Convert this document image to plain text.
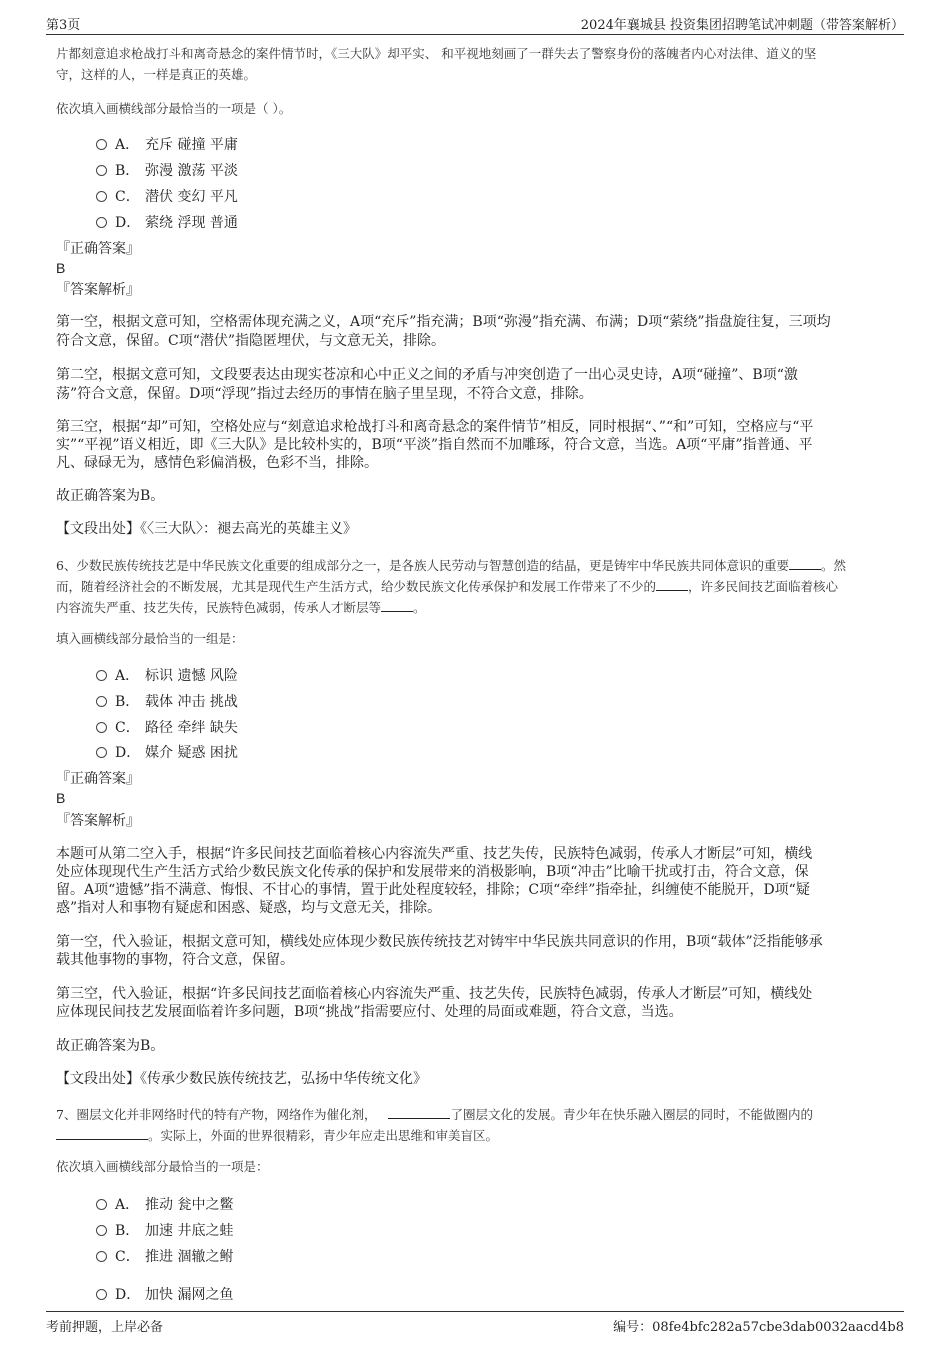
第3页	2024年襄城县 投资集团招聘笔试冲刺题（带答案解析）
片都刻意追求枪战打斗和离奇悬念的案件情节时，《三大队》却平实、 和平视地刻画了一群失去了警察身份的落魄者内心对法律、道义的坚
守，这样的人，一样是真正的英雄。
依次填入画横线部分最恰当的一项是（ ）。
A． 充斥 碰撞 平庸
B． 弥漫 激荡 平淡
C． 潜伏 变幻 平凡
D． 萦绕 浮现 普通
『正确答案』
B
『答案解析』
第一空，根据文意可知，空格需体现充满之义，A项“充斥”指充满；B项“弥漫”指充满、布满；D项“萦绕”指盘旋往复，三项均
符合文意，保留。C项“潜伏”指隐匿埋伏，与文意无关，排除。
第二空，根据文意可知，文段要表达由现实苍凉和心中正义之间的矛盾与冲突创造了一出心灵史诗，A项“碰撞”、B项“激
荡”符合文意，保留。D项“浮现”指过去经历的事情在脑子里呈现，不符合文意，排除。
第三空，根据“却”可知，空格处应与“刻意追求枪战打斗和离奇悬念的案件情节”相反，同时根据“、”“和”可知，空格应与“平
实”“平视”语义相近，即《三大队》是比较朴实的，B项“平淡”指自然而不加雕琢，符合文意，当选。A项“平庸”指普通、平
凡、碌碌无为，感情色彩偏消极，色彩不当，排除。
故正确答案为B。
【文段出处】《〈三大队〉：褪去高光的英雄主义》
6、少数民族传统技艺是中华民族文化重要的组成部分之一，是各族人民劳动与智慧创造的结晶，更是铸牢中华民族共同体意识的重要	。然
而，随着经济社会的不断发展，尤其是现代生产生活方式，给少数民族文化传承保护和发展工作带来了不少的	，许多民间技艺面临着核心
内容流失严重、技艺失传，民族特色减弱，传承人才断层等	。
填入画横线部分最恰当的一组是：
A． 标识 遗憾 风险
B． 载体 冲击 挑战
C． 路径 牵绊 缺失
D． 媒介 疑惑 困扰
『正确答案』
B
『答案解析』
本题可从第二空入手，根据“许多民间技艺面临着核心内容流失严重、技艺失传，民族特色减弱，传承人才断层”可知，横线
处应体现现代生产生活方式给少数民族文化传承的保护和发展带来的消极影响，B项“冲击”比喻干扰或打击，符合文意，保
留。A项“遗憾”指不满意、悔恨、不甘心的事情，置于此处程度较轻，排除；C项“牵绊”指牵扯，纠缠使不能脱开，D项“疑
惑”指对人和事物有疑虑和困惑、疑惑，均与文意无关，排除。
第一空，代入验证，根据文意可知，横线处应体现少数民族传统技艺对铸牢中华民族共同意识的作用，B项“载体”泛指能够承
载其他事物的事物，符合文意，保留。
第三空，代入验证，根据“许多民间技艺面临着核心内容流失严重、技艺失传，民族特色减弱，传承人才断层”可知，横线处
应体现民间技艺发展面临着许多问题，B项“挑战”指需要应付、处理的局面或难题，符合文意，当选。
故正确答案为B。
【文段出处】《传承少数民族传统技艺，弘扬中华传统文化》
7、圈层文化并非网络时代的特有产物，网络作为催化剂，	了圈层文化的发展。青少年在快乐融入圈层的同时，不能做圈内的
。实际上，外面的世界很精彩，青少年应走出思维和审美盲区。
依次填入画横线部分最恰当的一项是：
A． 推动 瓮中之鳖
B． 加速 井底之蛙
C． 推进 涸辙之鲋
D． 加快 漏网之鱼
考前押题，上岸必备	编号：08fe4bfc282a57cbe3dab0032aacd4b8
